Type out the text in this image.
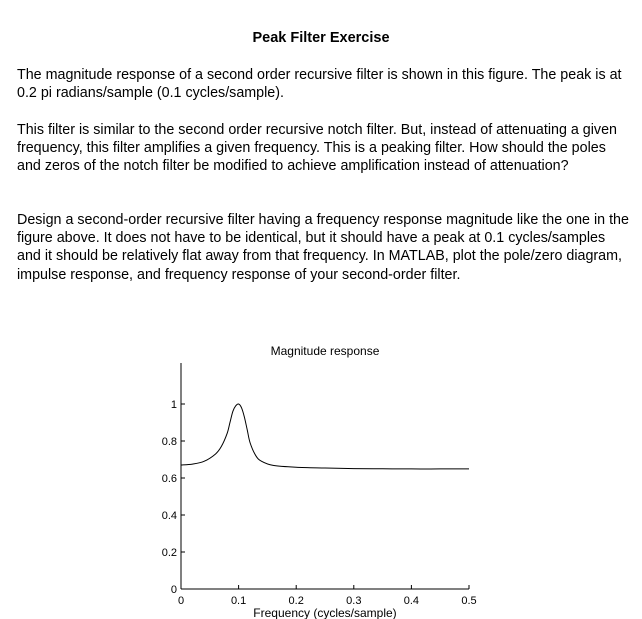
Peak Filter Exercise

The magnitude response of a second order recursive filter is shown in this figure. The peak is at 0.2 pi radians/sample (0.1 cycles/sample).

This filter is similar to the second order recursive notch filter. But, instead of attenuating a given frequency, this filter amplifies a given frequency. This is a peaking filter. How should the poles and zeros of the notch filter be modified to achieve amplification instead of attenuation?

Design a second-order recursive filter having a frequency response magnitude like the one in the figure above. It does not have to be identical, but it should have a peak at 0.1 cycles/samples and it should be relatively flat away from that frequency. In MATLAB, plot the pole/zero diagram, impulse response, and frequency response of your second-order filter.

Magnitude response
0
0.2
0.4
0.6
0.8
1
0	0.1	0.2	0.3	0.4	0.5
Frequency (cycles/sample)
